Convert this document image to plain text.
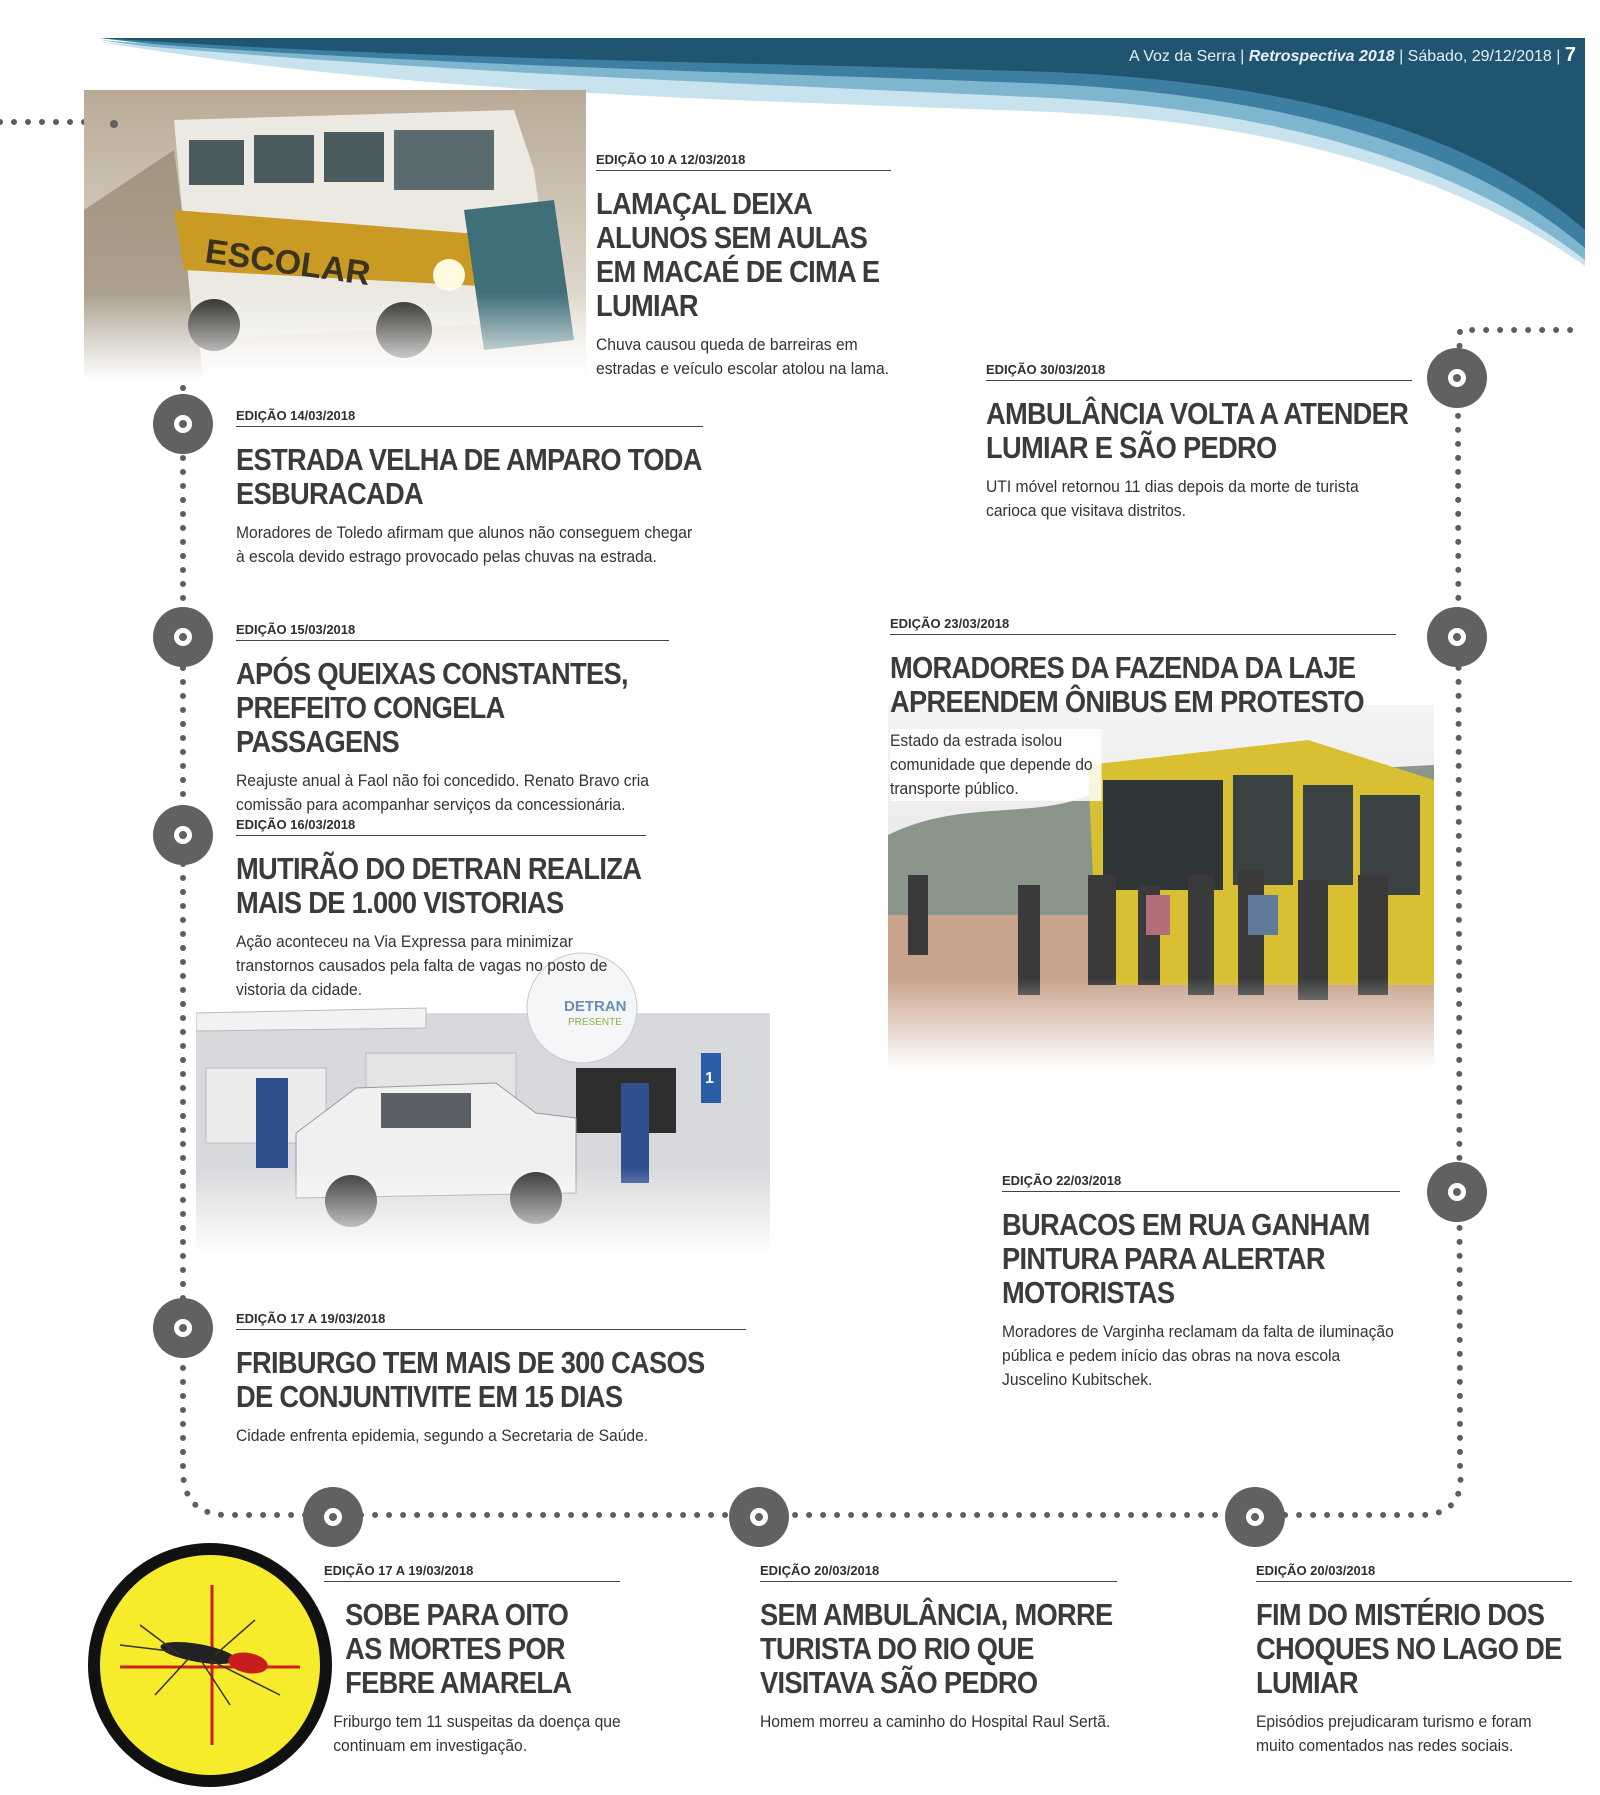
A Voz da Serra | Retrospectiva 2018 | Sábado, 29/12/2018 | 7
EDIÇÃO 10 A 12/03/2018
LAMAÇAL DEIXA ALUNOS SEM AULAS EM MACAÉ DE CIMA E LUMIAR
Chuva causou queda de barreiras em estradas e veículo escolar atolou na lama.
EDIÇÃO 14/03/2018
ESTRADA VELHA DE AMPARO TODA ESBURACADA
Moradores de Toledo afirmam que alunos não conseguem chegar à escola devido estrago provocado pelas chuvas na estrada.
EDIÇÃO 30/03/2018
AMBULÂNCIA VOLTA A ATENDER LUMIAR E SÃO PEDRO
UTI móvel retornou 11 dias depois da morte de turista carioca que visitava distritos.
EDIÇÃO 15/03/2018
APÓS QUEIXAS CONSTANTES, PREFEITO CONGELA PASSAGENS
Reajuste anual à Faol não foi concedido. Renato Bravo cria comissão para acompanhar serviços da concessionária.
EDIÇÃO 23/03/2018
MORADORES DA FAZENDA DA LAJE APREENDEM ÔNIBUS EM PROTESTO
Estado da estrada isolou comunidade que depende do transporte público.
EDIÇÃO 16/03/2018
MUTIRÃO DO DETRAN REALIZA MAIS DE 1.000 VISTORIAS
Ação aconteceu na Via Expressa para minimizar transtornos causados pela falta de vagas no posto de vistoria da cidade.
EDIÇÃO 22/03/2018
BURACOS EM RUA GANHAM PINTURA PARA ALERTAR MOTORISTAS
Moradores de Varginha reclamam da falta de iluminação pública e pedem início das obras na nova escola Juscelino Kubitschek.
EDIÇÃO 17 A 19/03/2018
FRIBURGO TEM MAIS DE 300 CASOS DE CONJUNTIVITE EM 15 DIAS
Cidade enfrenta epidemia, segundo a Secretaria de Saúde.
EDIÇÃO 17 A 19/03/2018
SOBE PARA OITO AS MORTES POR FEBRE AMARELA
Friburgo tem 11 suspeitas da doença que continuam em investigação.
EDIÇÃO 20/03/2018
SEM AMBULÂNCIA, MORRE TURISTA DO RIO QUE VISITAVA SÃO PEDRO
Homem morreu a caminho do Hospital Raul Sertã.
EDIÇÃO 20/03/2018
FIM DO MISTÉRIO DOS CHOQUES NO LAGO DE LUMIAR
Episódios prejudicaram turismo e foram muito comentados nas redes sociais.
